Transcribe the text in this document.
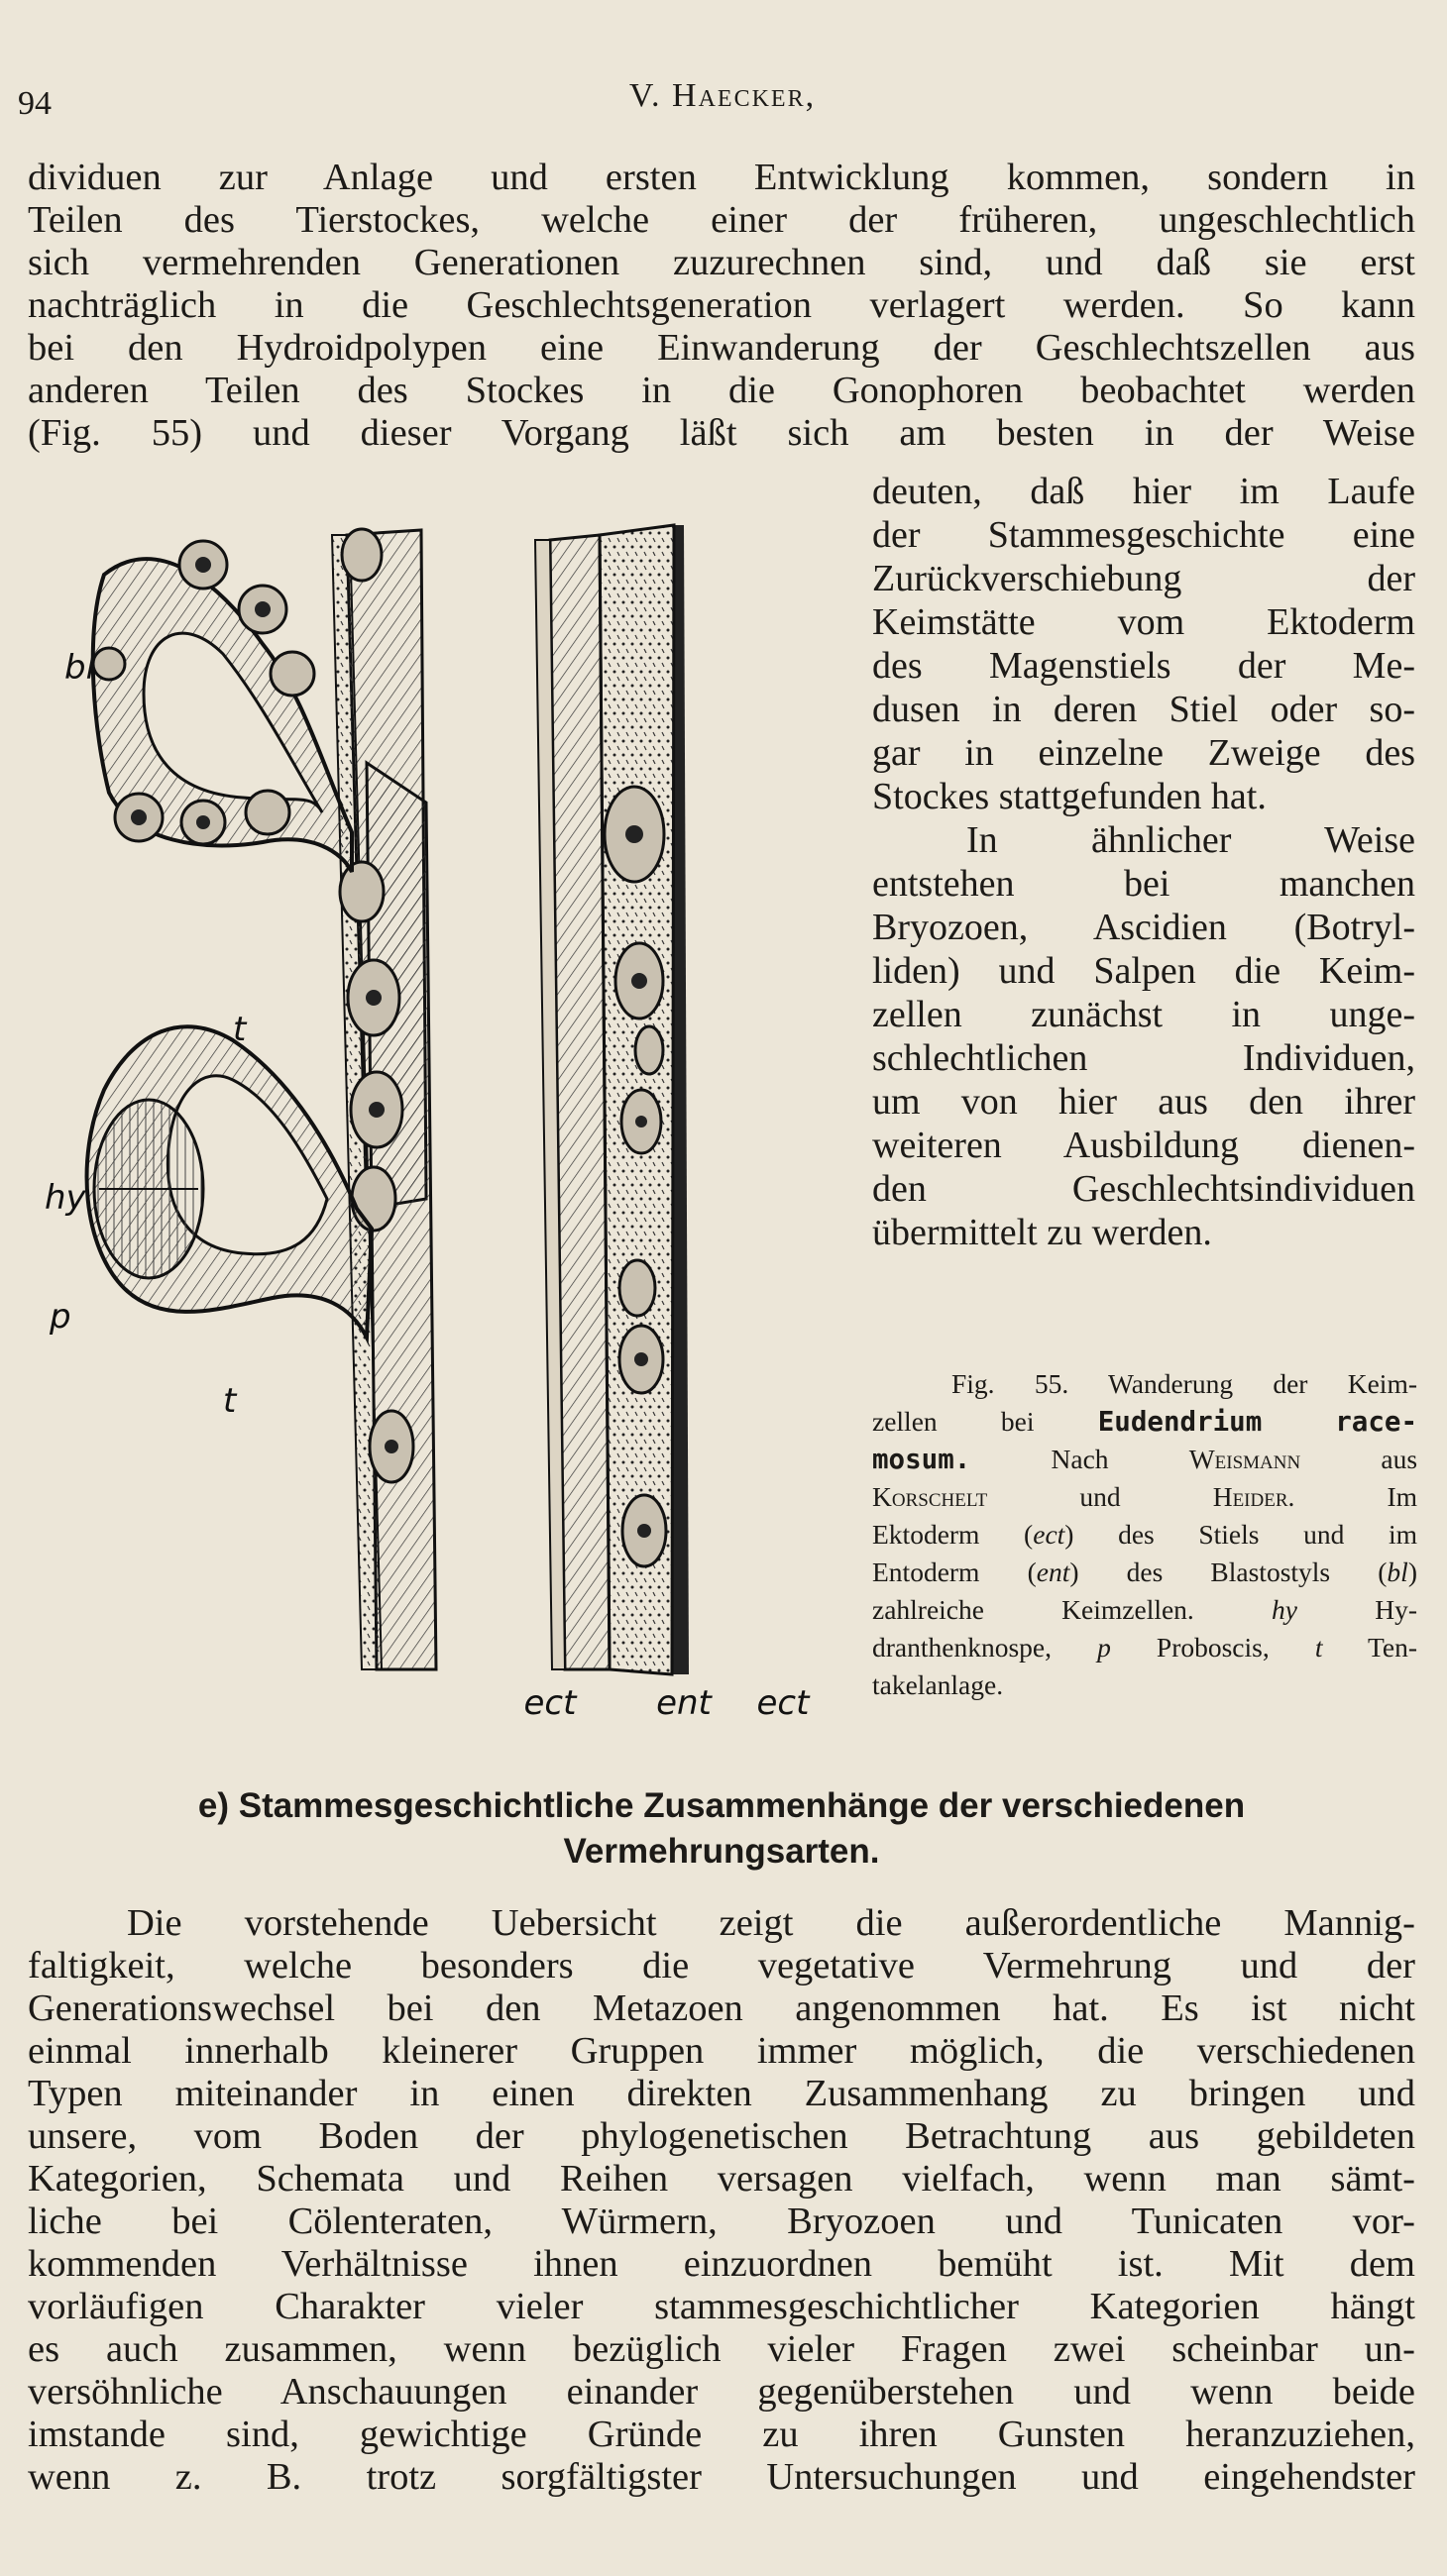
94	V. Haecker,
dividuen zur Anlage und ersten Entwicklung kommen, sondern in
Teilen des Tierstockes, welche einer der früheren, ungeschlechtlich
sich vermehrenden Generationen zuzurechnen sind, und daß sie erst
nachträglich in die Geschlechtsgeneration verlagert werden. So kann
bei den Hydroidpolypen eine Einwanderung der Geschlechtszellen aus
anderen Teilen des Stockes in die Gonophoren beobachtet werden
(Fig. 55) und dieser Vorgang läßt sich am besten in der Weise
deuten, daß hier im Laufe
der Stammesgeschichte eine
Zurückverschiebung der
Keimstätte vom Ektoderm
des Magenstiels der Me-
dusen in deren Stiel oder so-
gar in einzelne Zweige des
Stockes stattgefunden hat.
In ähnlicher Weise
entstehen bei manchen
Bryozoen, Ascidien (Botryl-
liden) und Salpen die Keim-
zellen zunächst in unge-
schlechtlichen Individuen,
um von hier aus den ihrer
weiteren Ausbildung dienen-
den Geschlechtsindividuen
übermittelt zu werden.
bl
t
hy
p
t
ect ent ect
Fig. 55. Wanderung der Keim-
zellen bei Eudendrium race-
mosum.	Nach	Weismann	aus
Korschelt	und	Heider.	Im
Ektoderm (ect) des Stiels und im
Entoderm (ent) des Blastostyls (bl)
zahlreiche Keimzellen.	hy	Hy-
dranthenknospe, p Proboscis, t Ten-
takelanlage.
e) Stammesgeschichtliche Zusammenhänge der verschiedenen
Vermehrungsarten.
Die vorstehende Uebersicht zeigt die außerordentliche Mannig-
faltigkeit, welche besonders die vegetative Vermehrung und der
Generationswechsel bei den Metazoen angenommen hat. Es ist nicht
einmal innerhalb kleinerer Gruppen immer möglich, die verschiedenen
Typen miteinander in einen direkten Zusammenhang zu bringen und
unsere, vom Boden der phylogenetischen Betrachtung aus gebildeten
Kategorien, Schemata und Reihen versagen vielfach, wenn man sämt-
liche bei Cölenteraten, Würmern, Bryozoen und Tunicaten vor-
kommenden Verhältnisse ihnen einzuordnen bemüht ist. Mit dem
vorläufigen Charakter vieler stammesgeschichtlicher Kategorien hängt
es auch zusammen, wenn bezüglich vieler Fragen zwei scheinbar un-
versöhnliche Anschauungen einander gegenüberstehen und wenn beide
imstande sind, gewichtige Gründe zu ihren Gunsten heranzuziehen,
wenn z. B. trotz sorgfältigster Untersuchungen und eingehendster
